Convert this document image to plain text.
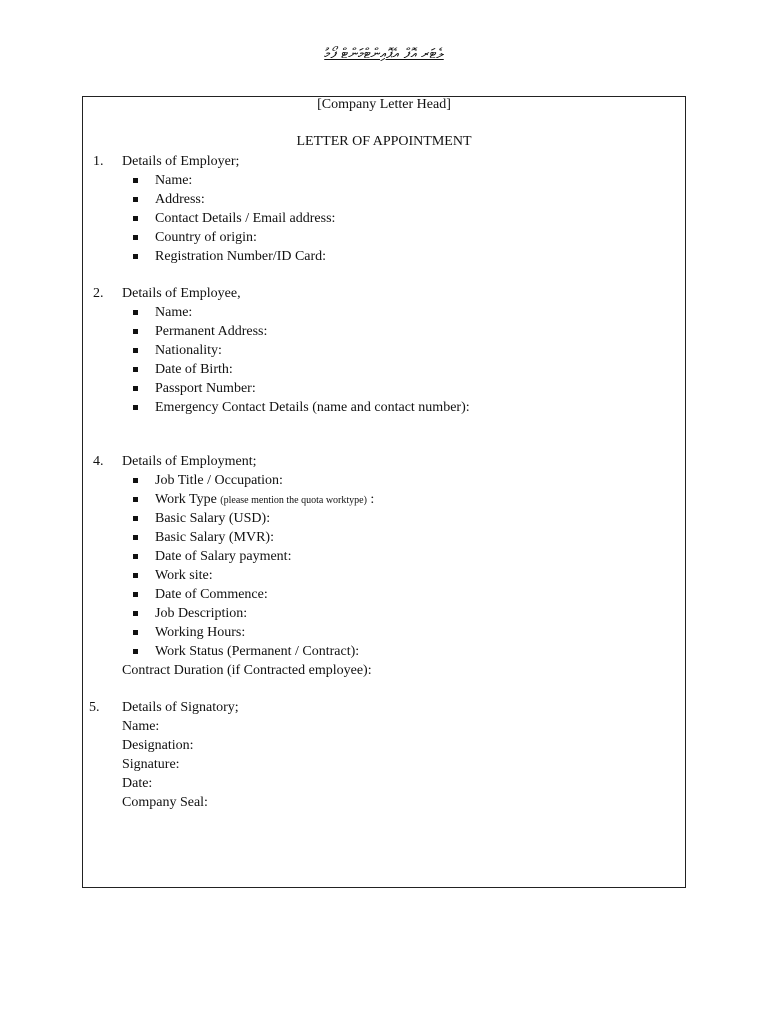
ލެޓަރ އޮފް އެޕޮއިންޓްމަންޓް ފޯމު
[Company Letter Head]
LETTER OF APPOINTMENT
1. Details of Employer;
Name:
Address:
Contact Details / Email address:
Country of origin:
Registration Number/ID Card:
2. Details of Employee,
Name:
Permanent Address:
Nationality:
Date of Birth:
Passport Number:
Emergency Contact Details (name and contact number):
4. Details of Employment;
Job Title / Occupation:
Work Type (please mention the quota worktype) :
Basic Salary (USD):
Basic Salary (MVR):
Date of Salary payment:
Work site:
Date of Commence:
Job Description:
Working Hours:
Work Status (Permanent / Contract):
Contract Duration (if Contracted employee):
5. Details of Signatory;
Name:
Designation:
Signature:
Date:
Company Seal:
